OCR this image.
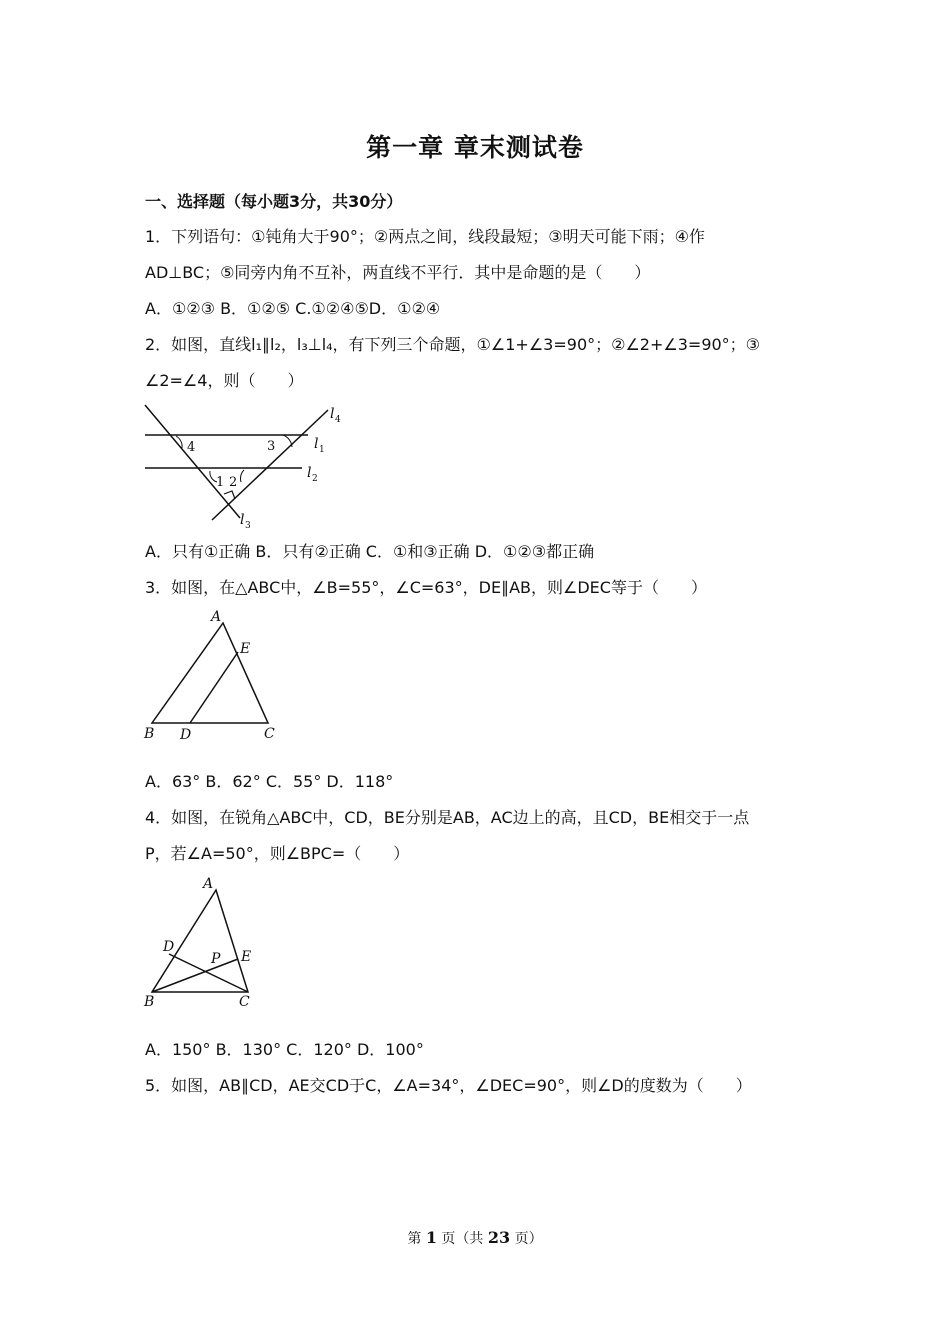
第一章 章末测试卷
一、选择题（每小题3分，共30分）
1．下列语句：①钝角大于90°；②两点之间，线段最短；③明天可能下雨；④作
AD⊥BC；⑤同旁内角不互补，两直线不平行．其中是命题的是（　　）
A．①②③ B．①②⑤ C.①②④⑤D．①②④
2．如图，直线l₁∥l₂，l₃⊥l₄，有下列三个命题，①∠1+∠3=90°；②∠2+∠3=90°；③
∠2=∠4，则（　　）
4	3
1 2
l 1
l 2
l 3
l 4
A．只有①正确 B．只有②正确 C．①和③正确 D．①②③都正确
3．如图，在△ABC中，∠B=55°，∠C=63°，DE∥AB，则∠DEC等于（　　）
A
E
B D	C
A．63° B．62° C．55° D．118°
4．如图，在锐角△ABC中，CD，BE分别是AB，AC边上的高，且CD，BE相交于一点
P，若∠A=50°，则∠BPC=（　　）
A
D
P E
B	C
A．150° B．130° C．120° D．100°
5．如图，AB∥CD，AE交CD于C，∠A=34°，∠DEC=90°，则∠D的度数为（　　）
第 1 页（共 23 页）
